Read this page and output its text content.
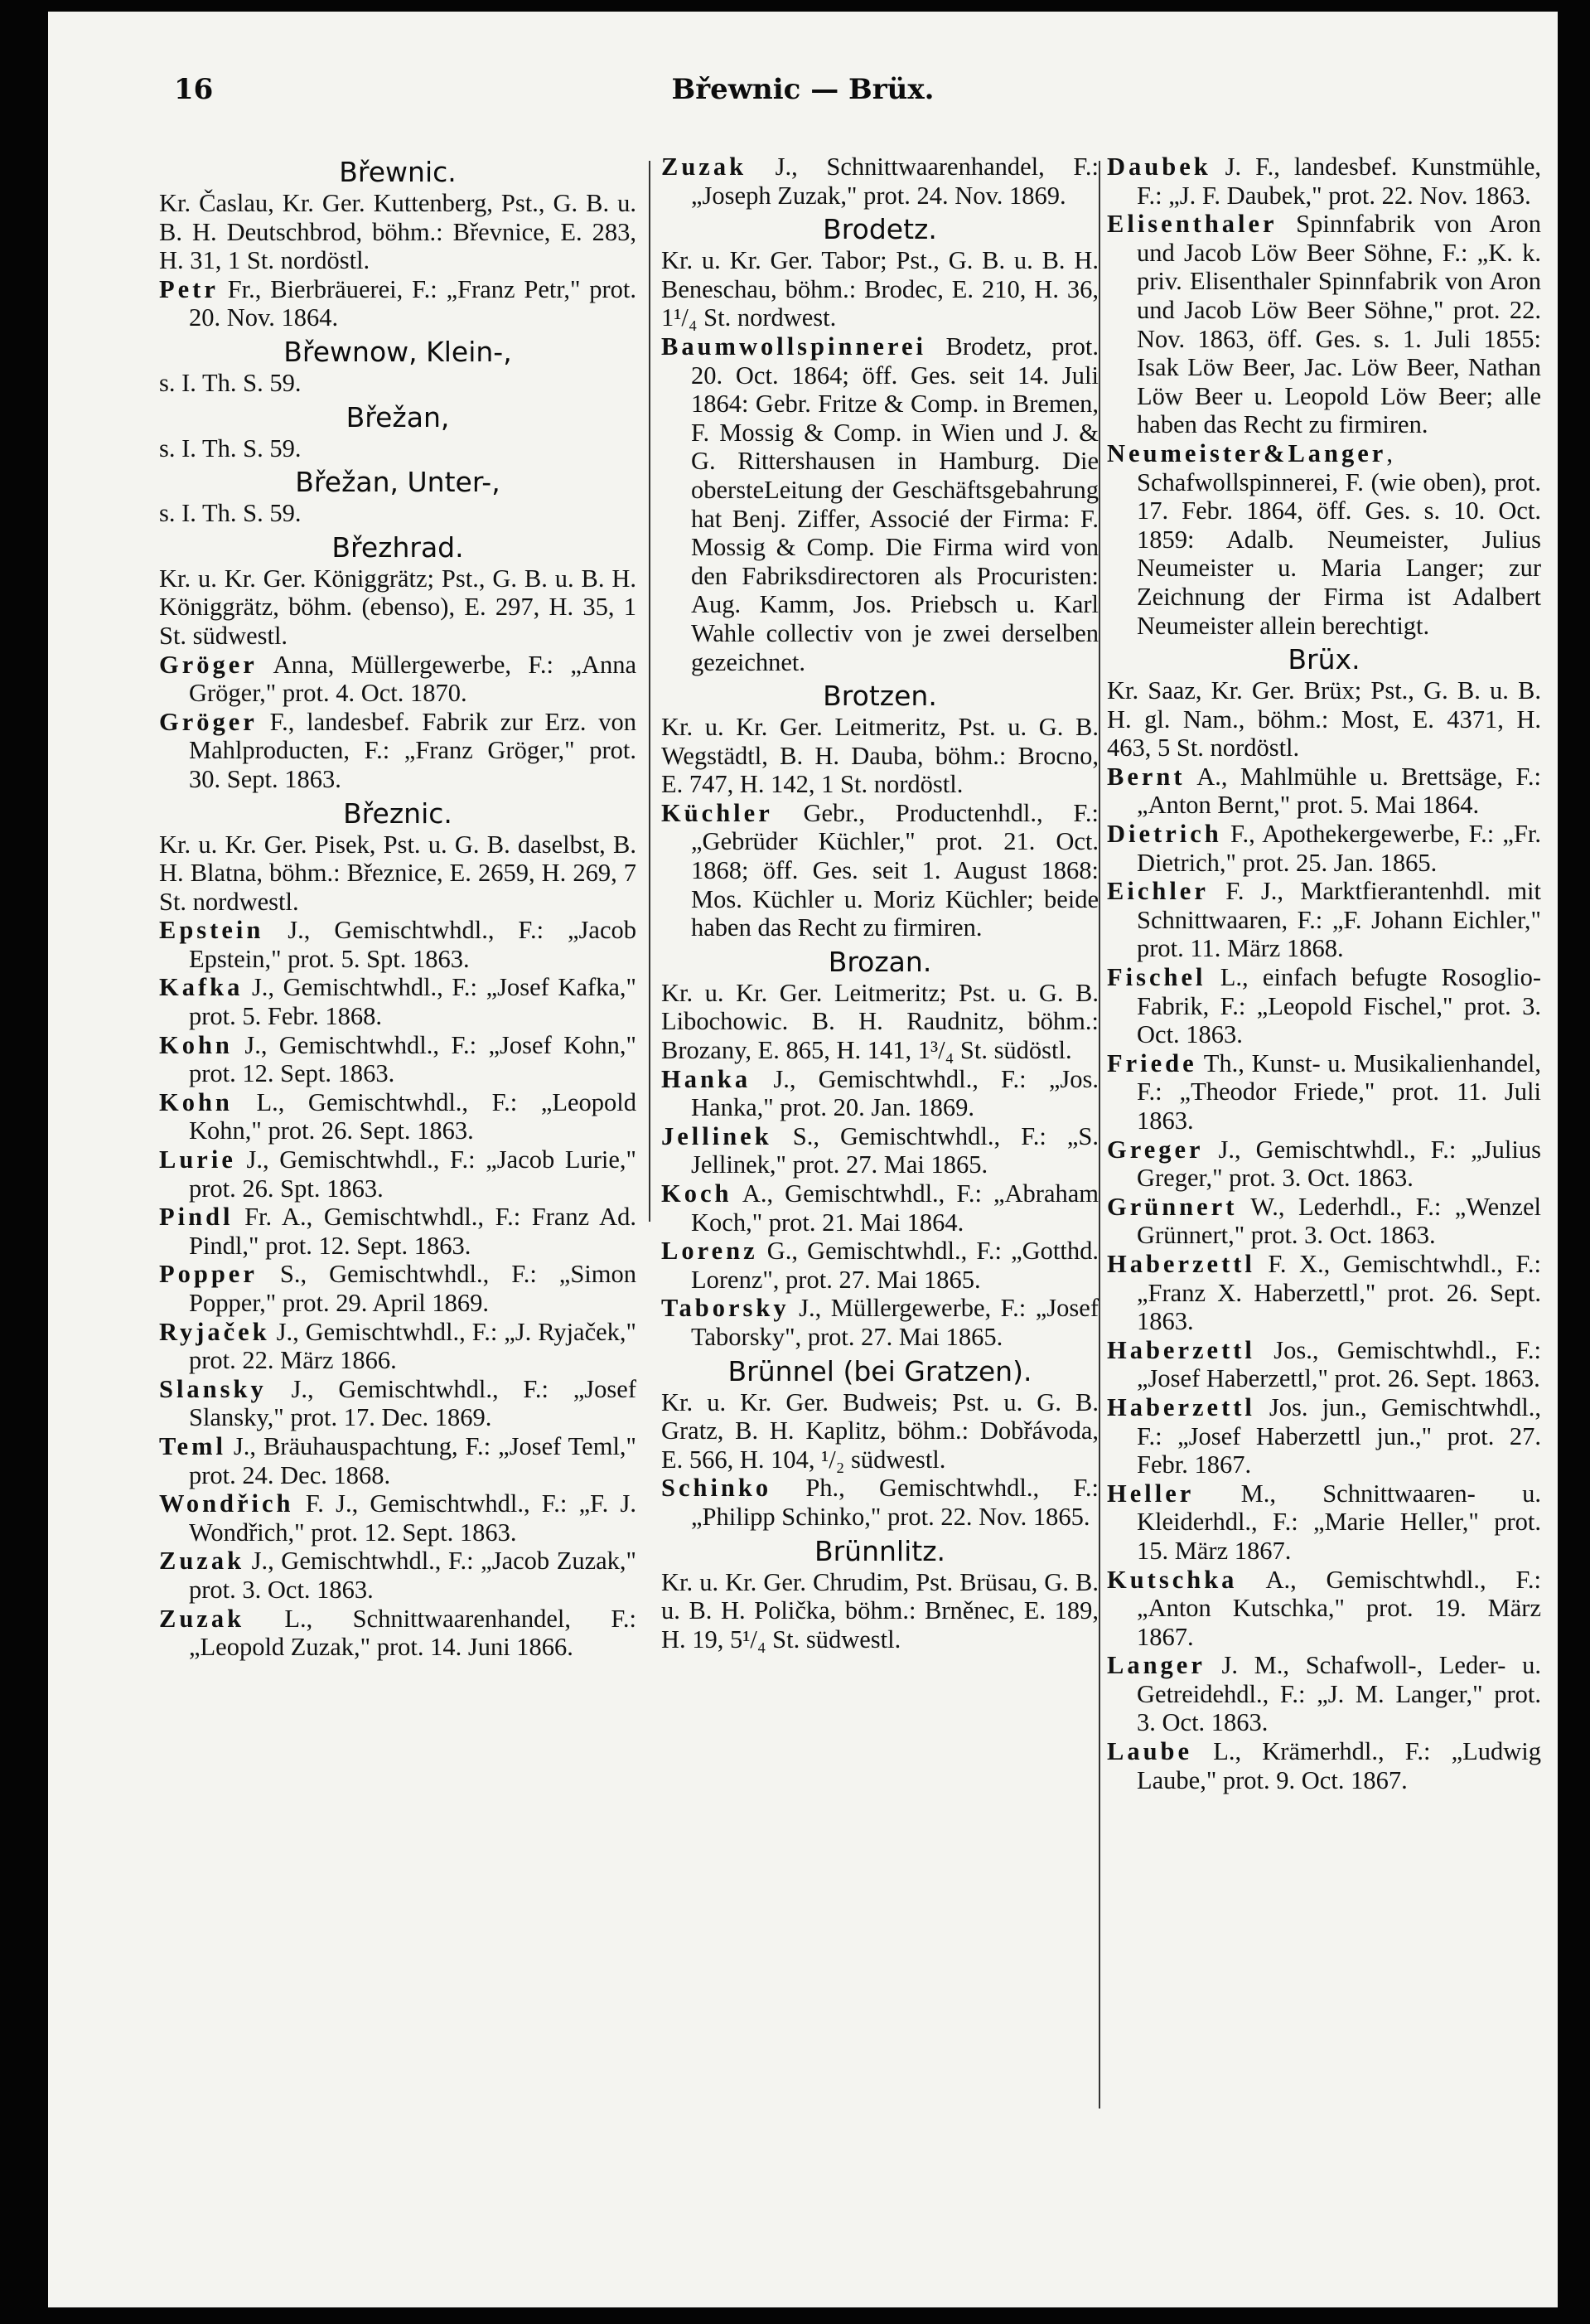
16	Břewnic — Brüx.
Břewnic.

Kr. Časlau, Kr. Ger. Kuttenberg, Pst., G. B. u. B. H. Deutschbrod, böhm.: Břevnice, E. 283, H. 31, 1 St. nordöstl.

Petr Fr., Bierbräuerei, F.: „Franz Petr," prot. 20. Nov. 1864.

Břewnow, Klein-,

s. I. Th. S. 59.

Břežan,

s. I. Th. S. 59.

Břežan, Unter-,

s. I. Th. S. 59.

Březhrad.

Kr. u. Kr. Ger. Königgrätz; Pst., G. B. u. B. H. Königgrätz, böhm. (ebenso), E. 297, H. 35, 1 St. südwestl.

Gröger Anna, Müllergewerbe, F.: „Anna Gröger," prot. 4. Oct. 1870.

Gröger F., landesbef. Fabrik zur Erz. von Mahlproducten, F.: „Franz Gröger," prot. 30. Sept. 1863.

Březnic.

Kr. u. Kr. Ger. Pisek, Pst. u. G. B. daselbst, B. H. Blatna, böhm.: Březnice, E. 2659, H. 269, 7 St. nordwestl.

Epstein J., Gemischtwhdl., F.: „Jacob Epstein," prot. 5. Spt. 1863.

Kafka J., Gemischtwhdl., F.: „Josef Kafka," prot. 5. Febr. 1868.

Kohn J., Gemischtwhdl., F.: „Josef Kohn," prot. 12. Sept. 1863.

Kohn L., Gemischtwhdl., F.: „Leopold Kohn," prot. 26. Sept. 1863.

Lurie J., Gemischtwhdl., F.: „Jacob Lurie," prot. 26. Spt. 1863.

Pindl Fr. A., Gemischtwhdl., F.: Franz Ad. Pindl," prot. 12. Sept. 1863.

Popper S., Gemischtwhdl., F.: „Simon Popper," prot. 29. April 1869.

Ryjaček J., Gemischtwhdl., F.: „J. Ryjaček," prot. 22. März 1866.

Slansky J., Gemischtwhdl., F.: „Josef Slansky," prot. 17. Dec. 1869.

Teml J., Bräuhauspachtung, F.: „Josef Teml," prot. 24. Dec. 1868.

Wondřich F. J., Gemischtwhdl., F.: „F. J. Wondřich," prot. 12. Sept. 1863.

Zuzak J., Gemischtwhdl., F.: „Jacob Zuzak," prot. 3. Oct. 1863.

Zuzak L., Schnittwaarenhandel, F.: „Leopold Zuzak," prot. 14. Juni 1866.

Zuzak J., Schnittwaarenhandel, F.: „Joseph Zuzak," prot. 24. Nov. 1869.

Brodetz.

Kr. u. Kr. Ger. Tabor; Pst., G. B. u. B. H. Beneschau, böhm.: Brodec, E. 210, H. 36, 1¹/₄ St. nordwest.

Baumwollspinnerei Brodetz, prot. 20. Oct. 1864; öff. Ges. seit 14. Juli 1864: Gebr. Fritze & Comp. in Bremen, F. Mossig & Comp. in Wien und J. & G. Rittershausen in Hamburg. Die obersteLeitung der Geschäftsgebahrung hat Benj. Ziffer, Associé der Firma: F. Mossig & Comp. Die Firma wird von den Fabriksdirectoren als Procuristen: Aug. Kamm, Jos. Priebsch u. Karl Wahle collectiv von je zwei derselben gezeichnet.

Brotzen.

Kr. u. Kr. Ger. Leitmeritz, Pst. u. G. B. Wegstädtl, B. H. Dauba, böhm.: Brocno, E. 747, H. 142, 1 St. nordöstl.

Küchler Gebr., Productenhdl., F.: „Gebrüder Küchler," prot. 21. Oct. 1868; öff. Ges. seit 1. August 1868: Mos. Küchler u. Moriz Küchler; beide haben das Recht zu firmiren.

Brozan.

Kr. u. Kr. Ger. Leitmeritz; Pst. u. G. B. Libochowic. B. H. Raudnitz, böhm.: Brozany, E. 865, H. 141, 1³/₄ St. südöstl.

Hanka J., Gemischtwhdl., F.: „Jos. Hanka," prot. 20. Jan. 1869.

Jellinek S., Gemischtwhdl., F.: „S. Jellinek," prot. 27. Mai 1865.

Koch A., Gemischtwhdl., F.: „Abraham Koch," prot. 21. Mai 1864.

Lorenz G., Gemischtwhdl., F.: „Gotthd. Lorenz", prot. 27. Mai 1865.

Taborsky J., Müllergewerbe, F.: „Josef Taborsky", prot. 27. Mai 1865.

Brünnel (bei Gratzen).

Kr. u. Kr. Ger. Budweis; Pst. u. G. B. Gratz, B. H. Kaplitz, böhm.: Dobřávoda, E. 566, H. 104, ¹/₂ südwestl.

Schinko Ph., Gemischtwhdl., F.: „Philipp Schinko," prot. 22. Nov. 1865.

Brünnlitz.

Kr. u. Kr. Ger. Chrudim, Pst. Brüsau, G. B. u. B. H. Polička, böhm.: Brněnec, E. 189, H. 19, 5¹/₄ St. südwestl.

Daubek J. F., landesbef. Kunstmühle, F.: „J. F. Daubek," prot. 22. Nov. 1863.

Elisenthaler Spinnfabrik von Aron und Jacob Löw Beer Söhne, F.: „K. k. priv. Elisenthaler Spinnfabrik von Aron und Jacob Löw Beer Söhne," prot. 22. Nov. 1863, öff. Ges. s. 1. Juli 1855: Isak Löw Beer, Jac. Löw Beer, Nathan Löw Beer u. Leopold Löw Beer; alle haben das Recht zu firmiren.

Neumeister&Langer, Schafwollspinnerei, F. (wie oben), prot. 17. Febr. 1864, öff. Ges. s. 10. Oct. 1859: Adalb. Neumeister, Julius Neumeister u. Maria Langer; zur Zeichnung der Firma ist Adalbert Neumeister allein berechtigt.

Brüx.

Kr. Saaz, Kr. Ger. Brüx; Pst., G. B. u. B. H. gl. Nam., böhm.: Most, E. 4371, H. 463, 5 St. nordöstl.

Bernt A., Mahlmühle u. Brettsäge, F.: „Anton Bernt," prot. 5. Mai 1864.

Dietrich F., Apothekergewerbe, F.: „Fr. Dietrich," prot. 25. Jan. 1865.

Eichler F. J., Marktfierantenhdl. mit Schnittwaaren, F.: „F. Johann Eichler," prot. 11. März 1868.

Fischel L., einfach befugte Rosoglio-Fabrik, F.: „Leopold Fischel," prot. 3. Oct. 1863.

Friede Th., Kunst- u. Musikalienhandel, F.: „Theodor Friede," prot. 11. Juli 1863.

Greger J., Gemischtwhdl., F.: „Julius Greger," prot. 3. Oct. 1863.

Grünnert W., Lederhdl., F.: „Wenzel Grünnert," prot. 3. Oct. 1863.

Haberzettl F. X., Gemischtwhdl., F.: „Franz X. Haberzettl," prot. 26. Sept. 1863.

Haberzettl Jos., Gemischtwhdl., F.: „Josef Haberzettl," prot. 26. Sept. 1863.

Haberzettl Jos. jun., Gemischtwhdl., F.: „Josef Haberzettl jun.," prot. 27. Febr. 1867.

Heller M., Schnittwaaren- u. Kleiderhdl., F.: „Marie Heller," prot. 15. März 1867.

Kutschka A., Gemischtwhdl., F.: „Anton Kutschka," prot. 19. März 1867.

Langer J. M., Schafwoll-, Leder- u. Getreidehdl., F.: „J. M. Langer," prot. 3. Oct. 1863.

Laube L., Krämerhdl., F.: „Ludwig Laube," prot. 9. Oct. 1867.
